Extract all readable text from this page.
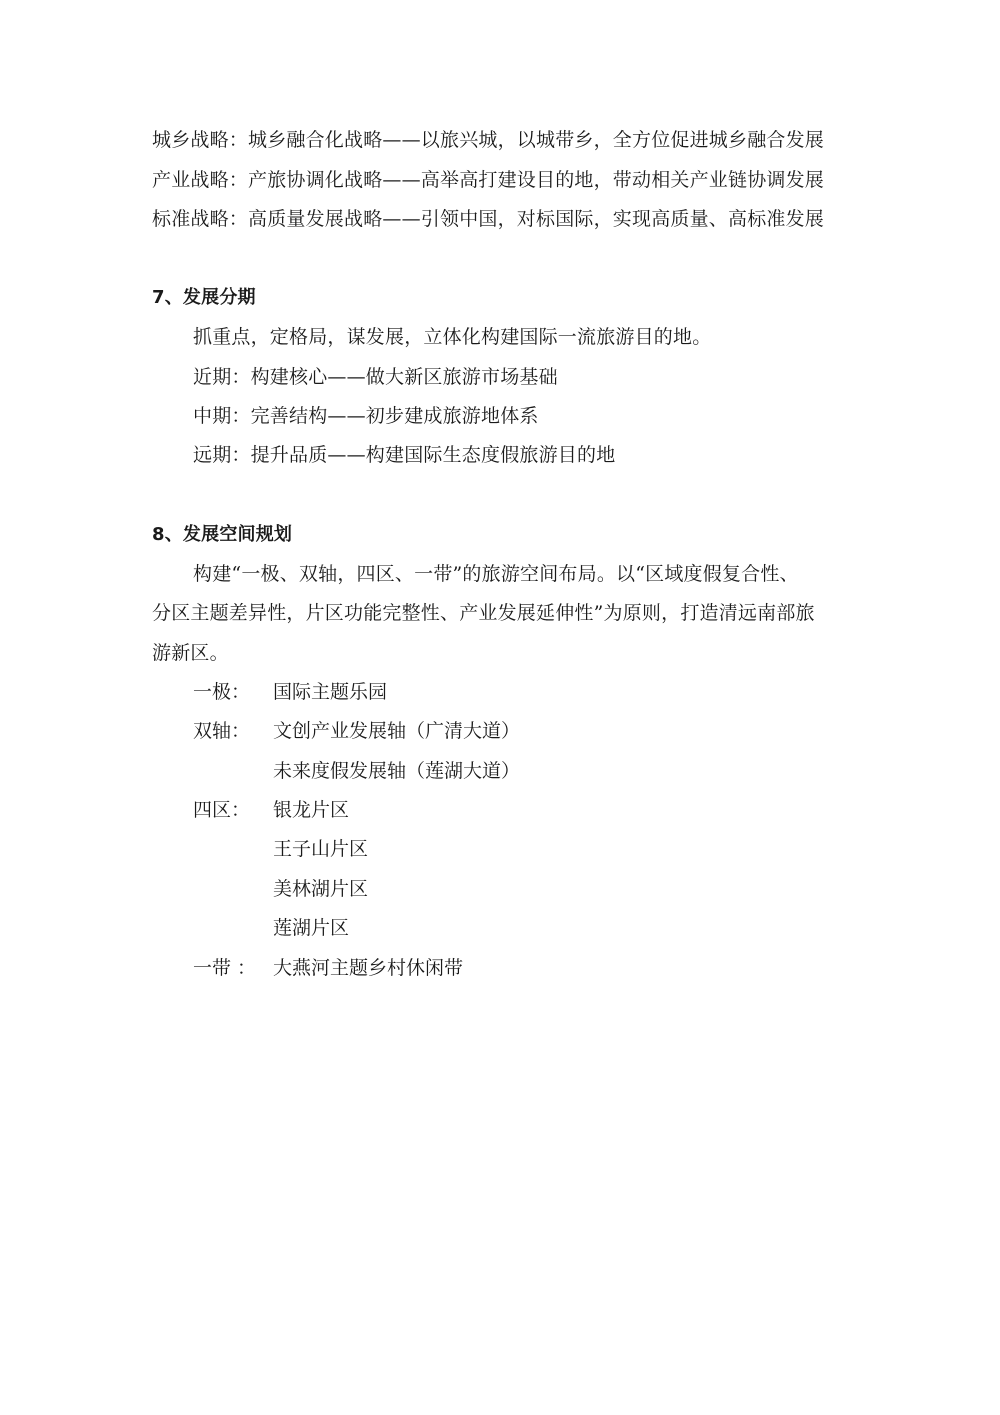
城乡战略：城乡融合化战略——以旅兴城，以城带乡，全方位促进城乡融合发展
产业战略：产旅协调化战略——高举高打建设目的地，带动相关产业链协调发展
标准战略：高质量发展战略——引领中国，对标国际，实现高质量、高标准发展
7、发展分期
抓重点，定格局，谋发展，立体化构建国际一流旅游目的地。
近期：构建核心——做大新区旅游市场基础
中期：完善结构——初步建成旅游地体系
远期：提升品质——构建国际生态度假旅游目的地
8、发展空间规划
构建“一极、双轴，四区、一带”的旅游空间布局。以“区域度假复合性、
分区主题差异性，片区功能完整性、产业发展延伸性”为原则，打造清远南部旅
游新区。
一极： 国际主题乐园
双轴： 文创产业发展轴（广清大道）
未来度假发展轴（莲湖大道）
四区： 银龙片区
王子山片区
美林湖片区
莲湖片区
一带 ： 大燕河主题乡村休闲带
